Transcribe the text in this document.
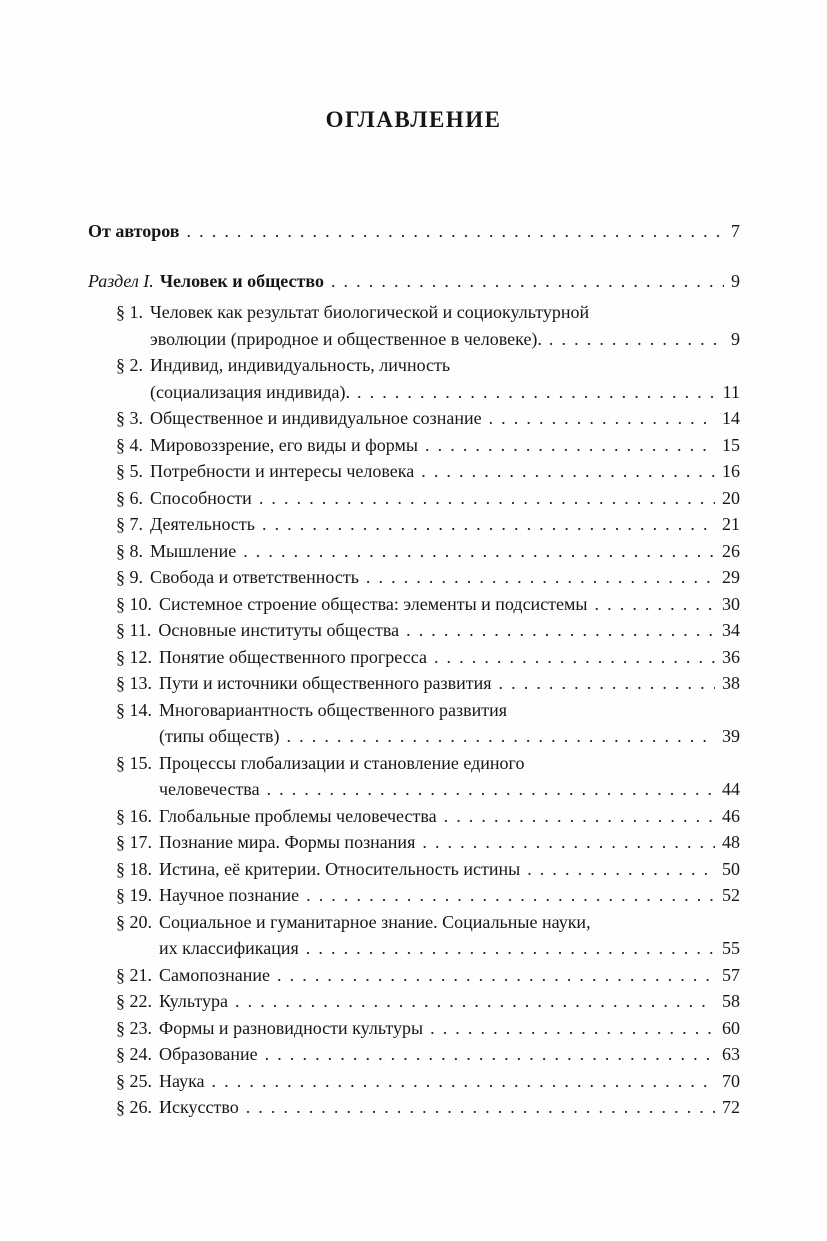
ОГЛАВЛЕНИЕ
От авторов .....	7
Раздел I. Человек и общество .....	9
§ 1. Человек как результат биологической и социокультурной
эволюции (природное и общественное в человеке). .....	9
§ 2. Индивид, индивидуальность, личность
(социализация индивида). .....	11
§ 3. Общественное и индивидуальное сознание .....	14
§ 4. Мировоззрение, его виды и формы .....	15
§ 5. Потребности и интересы человека .....	16
§ 6. Способности .....	20
§ 7. Деятельность .....	21
§ 8. Мышление .....	26
§ 9. Свобода и ответственность .....	29
§ 10. Системное строение общества: элементы и подсистемы .....	30
§ 11. Основные институты общества .....	34
§ 12. Понятие общественного прогресса .....	36
§ 13. Пути и источники общественного развития .....	38
§ 14. Многовариантность общественного развития
(типы обществ) .....	39
§ 15. Процессы глобализации и становление единого
человечества .....	44
§ 16. Глобальные проблемы человечества .....	46
§ 17. Познание мира. Формы познания .....	48
§ 18. Истина, её критерии. Относительность истины .....	50
§ 19. Научное познание .....	52
§ 20. Социальное и гуманитарное знание. Социальные науки,
их классификация .....	55
§ 21. Самопознание .....	57
§ 22. Культура .....	58
§ 23. Формы и разновидности культуры .....	60
§ 24. Образование .....	63
§ 25. Наука .....	70
§ 26. Искусство .....	72
